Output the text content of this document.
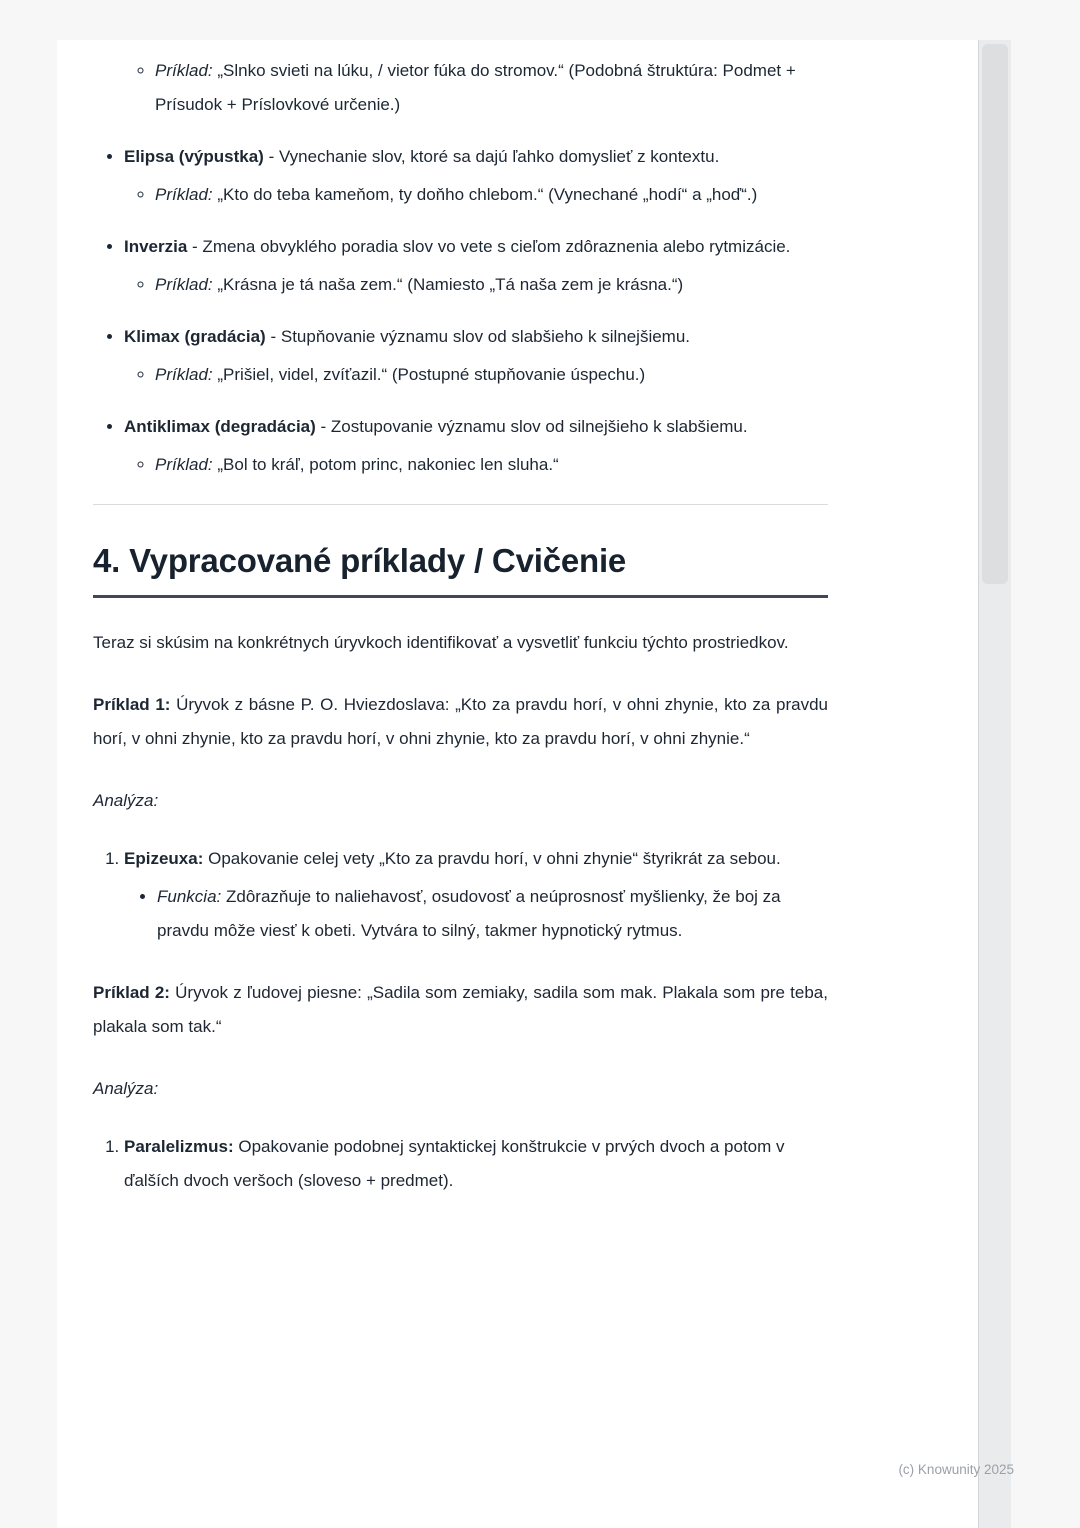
◦ Príklad: „Slnko svieti na lúku, / vietor fúka do stromov.“ (Podobná štruktúra: Podmet + Prísudok + Príslovkové určenie.)

• Elipsa (výpustka) - Vynechanie slov, ktoré sa dajú ľahko domyslieť z kontextu.

◦ Príklad: „Kto do teba kameňom, ty doňho chlebom.“ (Vynechané „hodí“ a „hoď“.)

• Inverzia - Zmena obvyklého poradia slov vo vete s cieľom zdôraznenia alebo rytmizácie.

◦ Príklad: „Krásna je tá naša zem.“ (Namiesto „Tá naša zem je krásna.“)

• Klimax (gradácia) - Stupňovanie významu slov od slabšieho k silnejšiemu.

◦ Príklad: „Prišiel, videl, zvíťazil.“ (Postupné stupňovanie úspechu.)

• Antiklimax (degradácia) - Zostupovanie významu slov od silnejšieho k slabšiemu.

◦ Príklad: „Bol to kráľ, potom princ, nakoniec len sluha.“
4. Vypracované príklady / Cvičenie

Teraz si skúsim na konkrétnych úryvkoch identifikovať a vysvetliť funkciu týchto prostriedkov.

Príklad 1: Úryvok z básne P. O. Hviezdoslava: „Kto za pravdu horí, v ohni zhynie, kto za pravdu horí, v ohni zhynie, kto za pravdu horí, v ohni zhynie, kto za pravdu horí, v ohni zhynie.“

Analýza:

1. Epizeuxa: Opakovanie celej vety „Kto za pravdu horí, v ohni zhynie“ štyrikrát za sebou.

• Funkcia: Zdôrazňuje to naliehavosť, osudovosť a neúprosnosť myšlienky, že boj za pravdu môže viesť k obeti. Vytvára to silný, takmer hypnotický rytmus.

Príklad 2: Úryvok z ľudovej piesne: „Sadila som zemiaky, sadila som mak. Plakala som pre teba, plakala som tak.“

Analýza:

1. Paralelizmus: Opakovanie podobnej syntaktickej konštrukcie v prvých dvoch a potom v ďalších dvoch veršoch (sloveso + predmet).

(c) Knowunity 2025
